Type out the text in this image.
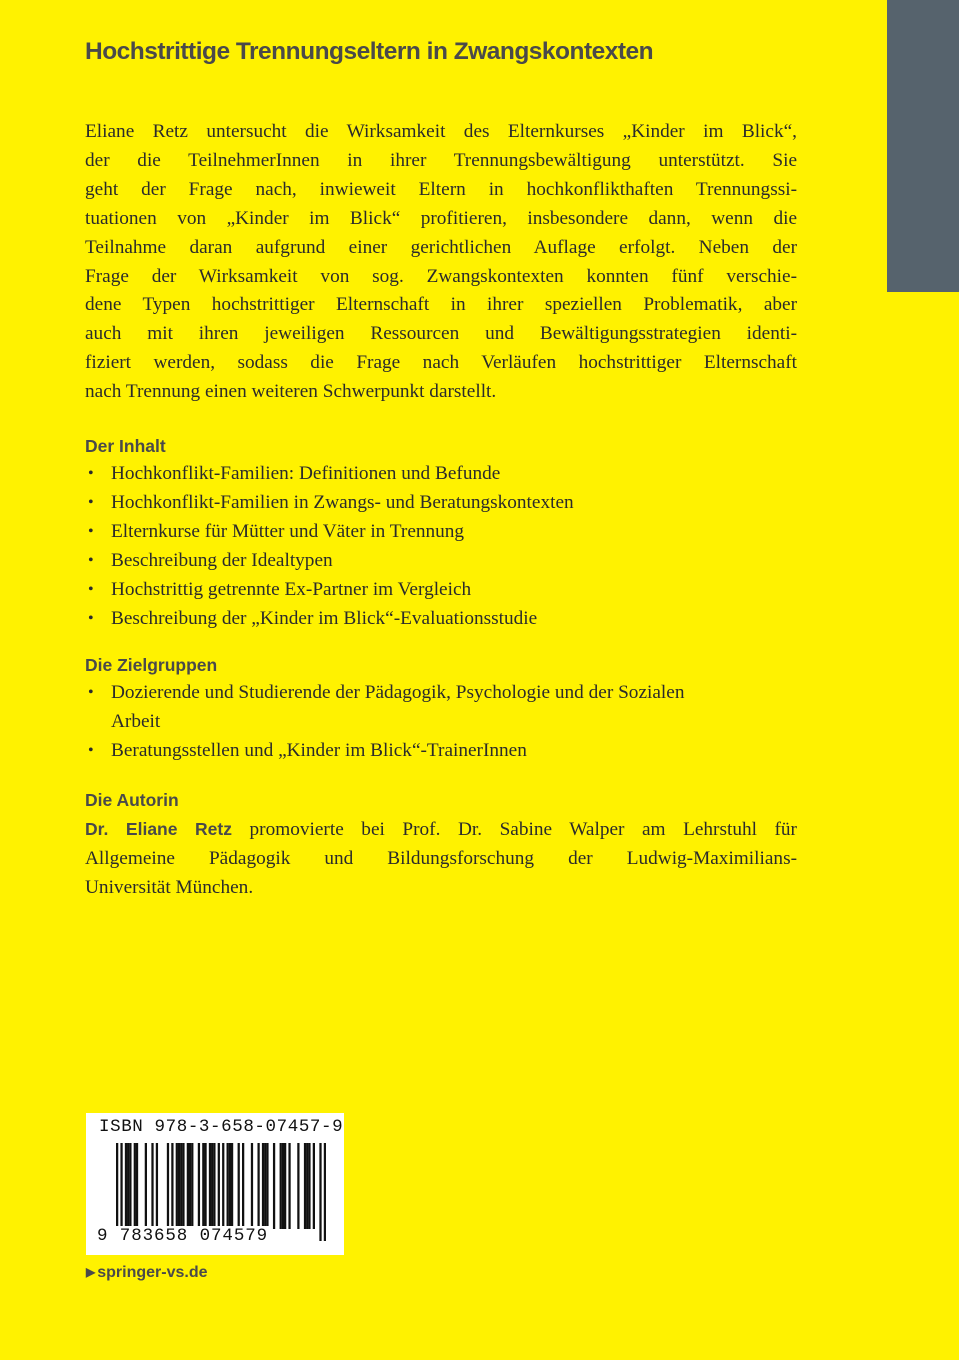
Hochstrittige Trennungseltern in Zwangskontexten
Eliane Retz untersucht die Wirksamkeit des Elternkurses „Kinder im Blick“,
der die TeilnehmerInnen in ihrer Trennungsbewältigung unterstützt. Sie
geht der Frage nach, inwieweit Eltern in hochkonflikthaften Trennungssi-
tuationen von „Kinder im Blick“ profitieren, insbesondere dann, wenn die
Teilnahme daran aufgrund einer gerichtlichen Auflage erfolgt. Neben der
Frage der Wirksamkeit von sog. Zwangskontexten konnten fünf verschie-
dene Typen hochstrittiger Elternschaft in ihrer speziellen Problematik, aber
auch mit ihren jeweiligen Ressourcen und Bewältigungsstrategien identi-
fiziert werden, sodass die Frage nach Verläufen hochstrittiger Elternschaft
nach Trennung einen weiteren Schwerpunkt darstellt.
Der Inhalt
• Hochkonflikt-Familien: Definitionen und Befunde
• Hochkonflikt-Familien in Zwangs- und Beratungskontexten
• Elternkurse für Mütter und Väter in Trennung
• Beschreibung der Idealtypen
• Hochstrittig getrennte Ex-Partner im Vergleich
• Beschreibung der „Kinder im Blick“-Evaluationsstudie
Die Zielgruppen
• Dozierende und Studierende der Pädagogik, Psychologie und der Sozialen Arbeit
• Beratungsstellen und „Kinder im Blick“-TrainerInnen
Die Autorin
Dr. Eliane Retz promovierte bei Prof. Dr. Sabine Walper am Lehrstuhl für
Allgemeine Pädagogik und Bildungsforschung der Ludwig-Maximilians-
Universität München.
ISBN 978-3-658-07457-9
9 783658 074579
▶ springer-vs.de
